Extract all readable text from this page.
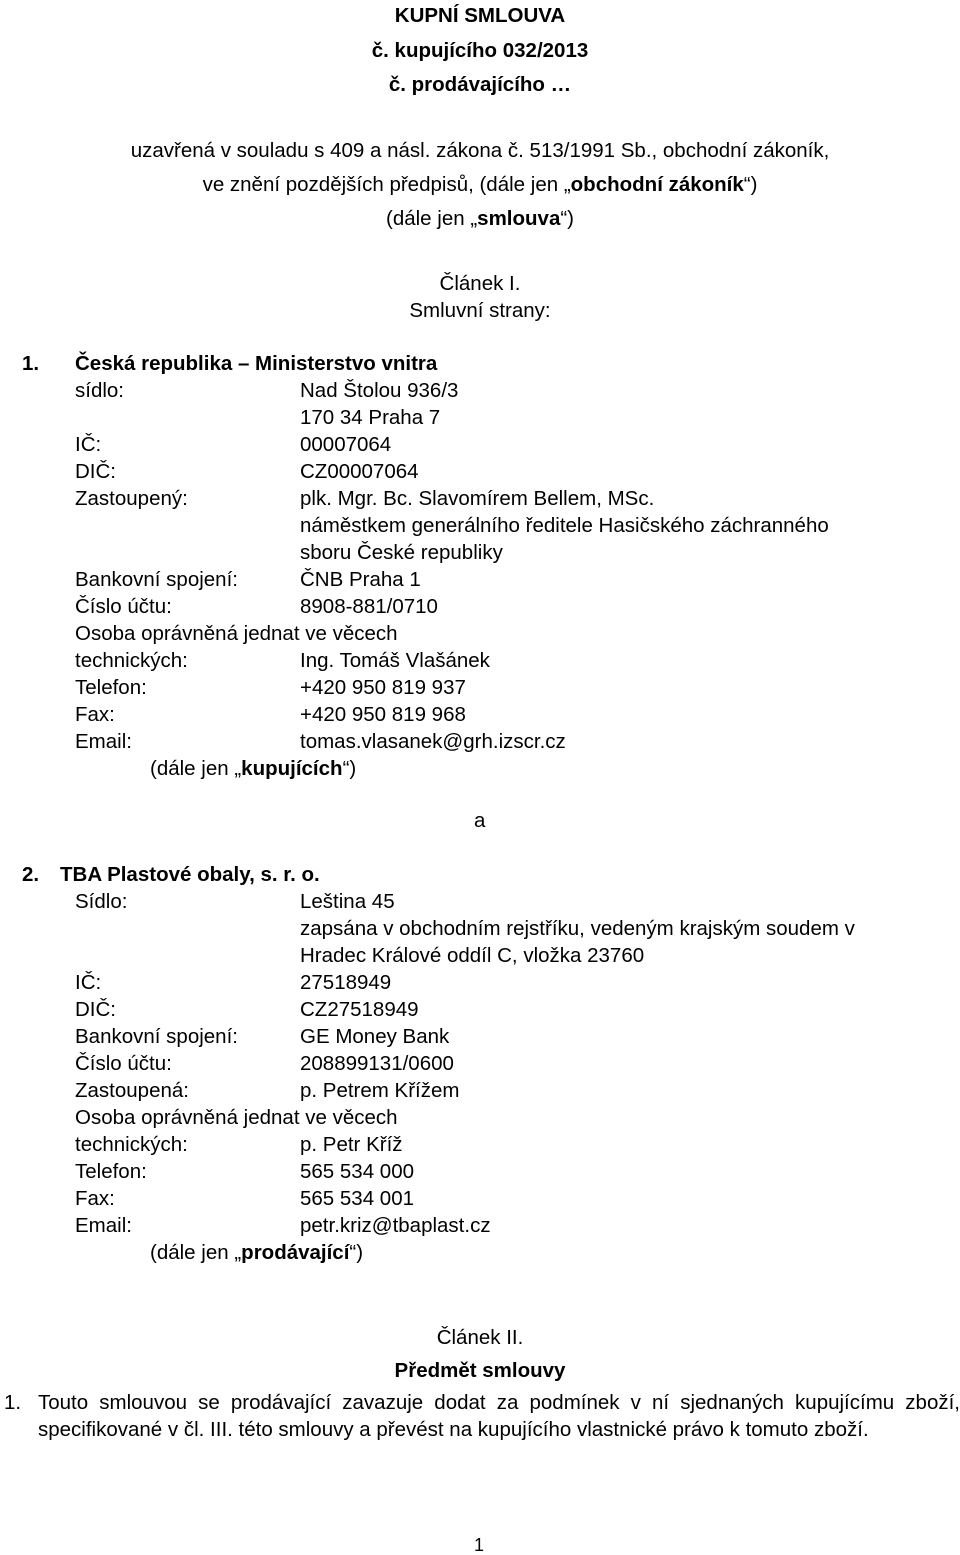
KUPNÍ SMLOUVA
č. kupujícího 032/2013
č. prodávajícího …
uzavřená v souladu s 409 a násl. zákona č. 513/1991 Sb., obchodní zákoník,
ve znění pozdějších předpisů, (dále jen „obchodní zákoník“)
(dále jen „smlouva“)
Článek I.
Smluvní strany:
1. Česká republika – Ministerstvo vnitra
sídlo:	Nad Štolou 936/3
170 34 Praha 7
IČ:	00007064
DIČ:	CZ00007064
Zastoupený:	plk. Mgr. Bc. Slavomírem Bellem, MSc.
náměstkem generálního ředitele Hasičského záchranného
sboru České republiky
Bankovní spojení:	ČNB Praha 1
Číslo účtu:	8908-881/0710
Osoba oprávněná jednat ve věcech
technických:	Ing. Tomáš Vlašánek
Telefon:	+420 950 819 937
Fax:	+420 950 819 968
Email:	tomas.vlasanek@grh.izscr.cz
(dále jen „kupujících“)
a
2. TBA Plastové obaly, s. r. o.
Sídlo:	Leština 45
zapsána v obchodním rejstříku, vedeným krajským soudem v
Hradec Králové oddíl C, vložka 23760
IČ:	27518949
DIČ:	CZ27518949
Bankovní spojení:	GE Money Bank
Číslo účtu:	208899131/0600
Zastoupená:	p. Petrem Křížem
Osoba oprávněná jednat ve věcech
technických:	p. Petr Kříž
Telefon:	565 534 000
Fax:	565 534 001
Email:	petr.kriz@tbaplast.cz
(dále jen „prodávající“)
Článek II.
Předmět smlouvy
1. Touto smlouvou se prodávající zavazuje dodat za podmínek v ní sjednaných kupujícímu zboží, specifikované v čl. III. této smlouvy a převést na kupujícího vlastnické právo k tomuto zboží.
1
